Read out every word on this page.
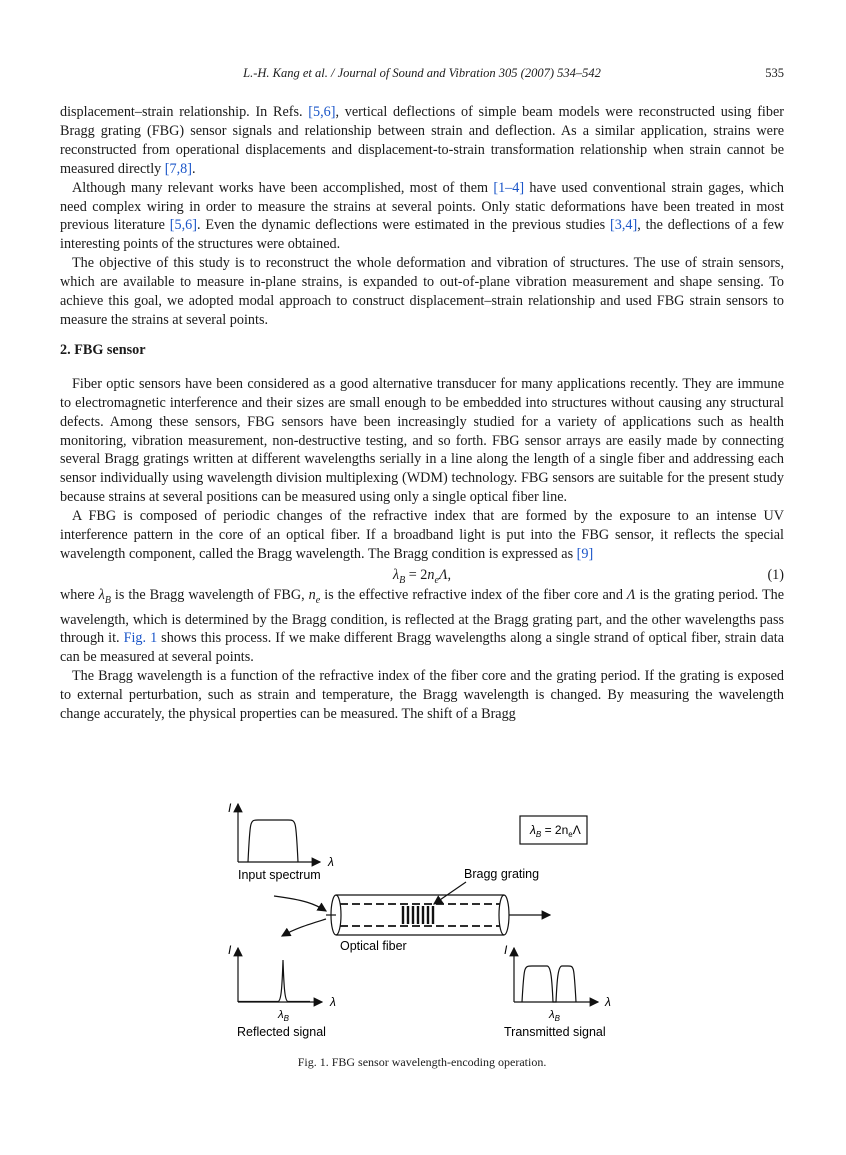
L.-H. Kang et al. / Journal of Sound and Vibration 305 (2007) 534–542	535

displacement–strain relationship. In Refs. [5,6], vertical deflections of simple beam models were reconstructed using fiber Bragg grating (FBG) sensor signals and relationship between strain and deflection. As a similar application, strains were reconstructed from operational displacements and displacement-to-strain transformation relationship when strain cannot be measured directly [7,8].

Although many relevant works have been accomplished, most of them [1–4] have used conventional strain gages, which need complex wiring in order to measure the strains at several points. Only static deformations have been treated in most previous literature [5,6]. Even the dynamic deflections were estimated in the previous studies [3,4], the deflections of a few interesting points of the structures were obtained.

The objective of this study is to reconstruct the whole deformation and vibration of structures. The use of strain sensors, which are available to measure in-plane strains, is expanded to out-of-plane vibration measurement and shape sensing. To achieve this goal, we adopted modal approach to construct displacement–strain relationship and used FBG strain sensors to measure the strains at several points.

2. FBG sensor

Fiber optic sensors have been considered as a good alternative transducer for many applications recently. They are immune to electromagnetic interference and their sizes are small enough to be embedded into structures without causing any structural defects. Among these sensors, FBG sensors have been increasingly studied for a variety of applications such as health monitoring, vibration measurement, non-destructive testing, and so forth. FBG sensor arrays are easily made by connecting several Bragg gratings written at different wavelengths serially in a line along the length of a single fiber and addressing each sensor individually using wavelength division multiplexing (WDM) technology. FBG sensors are suitable for the present study because strains at several positions can be measured using only a single optical fiber line.

A FBG is composed of periodic changes of the refractive index that are formed by the exposure to an intense UV interference pattern in the core of an optical fiber. If a broadband light is put into the FBG sensor, it reflects the special wavelength component, called the Bragg wavelength. The Bragg condition is expressed as [9]

$\lambda_B = 2n_e\Lambda$,	(1)

where $\lambda_B$ is the Bragg wavelength of FBG, $n_e$ is the effective refractive index of the fiber core and Λ is the grating period. The wavelength, which is determined by the Bragg condition, is reflected at the Bragg grating part, and the other wavelengths pass through it. Fig. 1 shows this process. If we make different Bragg wavelengths along a single strand of optical fiber, strain data can be measured at several points.

The Bragg wavelength is a function of the refractive index of the fiber core and the grating period. If the grating is exposed to external perturbation, such as strain and temperature, the Bragg wavelength is changed. By measuring the wavelength change accurately, the physical properties can be measured. The shift of a Bragg

I
λ
Input spectrum
$\lambda_B = 2n_e\Lambda$
Bragg grating
Optical fiber
I
λ
$\lambda_B$
Reflected signal
I
λ
$\lambda_B$
Transmitted signal
Fig. 1. FBG sensor wavelength-encoding operation.
